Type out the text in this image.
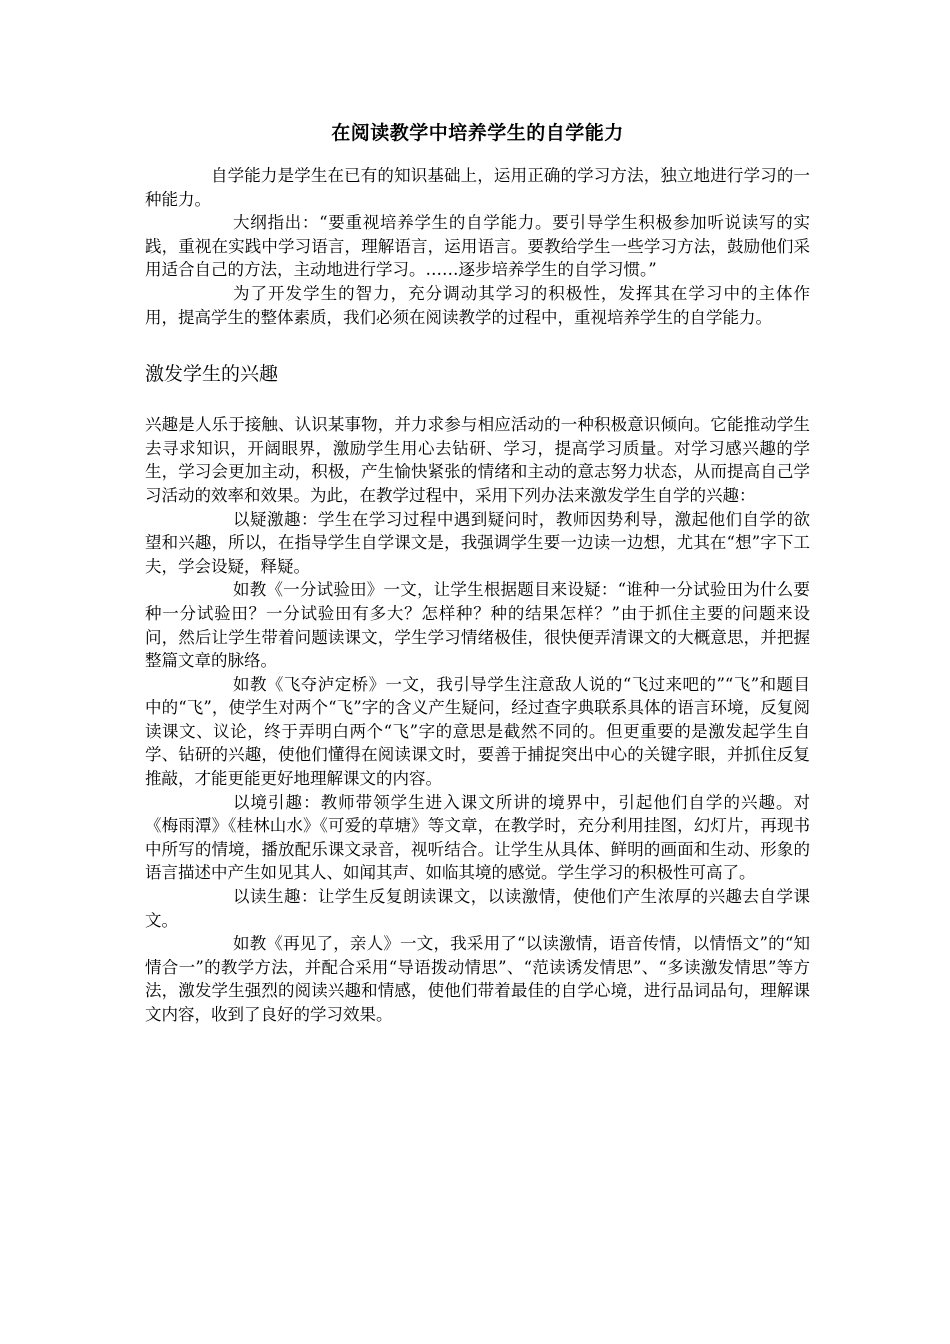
在阅读教学中培养学生的自学能力

自学能力是学生在已有的知识基础上，运用正确的学习方法，独立地进行学习的一种能力。

大纲指出：“要重视培养学生的自学能力。要引导学生积极参加听说读写的实践，重视在实践中学习语言，理解语言，运用语言。要教给学生一些学习方法，鼓励他们采用适合自己的方法，主动地进行学习。……逐步培养学生的自学习惯。”

为了开发学生的智力，充分调动其学习的积极性，发挥其在学习中的主体作用，提高学生的整体素质，我们必须在阅读教学的过程中，重视培养学生的自学能力。

激发学生的兴趣

兴趣是人乐于接触、认识某事物，并力求参与相应活动的一种积极意识倾向。它能推动学生去寻求知识，开阔眼界，激励学生用心去钻研、学习，提高学习质量。对学习感兴趣的学生，学习会更加主动，积极，产生愉快紧张的情绪和主动的意志努力状态，从而提高自己学习活动的效率和效果。为此，在教学过程中，采用下列办法来激发学生自学的兴趣：

以疑激趣：学生在学习过程中遇到疑问时，教师因势利导，激起他们自学的欲望和兴趣，所以，在指导学生自学课文是，我强调学生要一边读一边想，尤其在“想”字下工夫，学会设疑，释疑。

如教《一分试验田》一文，让学生根据题目来设疑：“谁种一分试验田为什么要种一分试验田？一分试验田有多大？怎样种？种的结果怎样？”由于抓住主要的问题来设问，然后让学生带着问题读课文，学生学习情绪极佳，很快便弄清课文的大概意思，并把握整篇文章的脉络。

如教《飞夺泸定桥》一文，我引导学生注意敌人说的“飞过来吧的”“飞”和题目中的“飞”，使学生对两个“飞”字的含义产生疑问，经过查字典联系具体的语言环境，反复阅读课文、议论，终于弄明白两个“飞”字的意思是截然不同的。但更重要的是激发起学生自学、钻研的兴趣，使他们懂得在阅读课文时，要善于捕捉突出中心的关键字眼，并抓住反复推敲，才能更能更好地理解课文的内容。

以境引趣：教师带领学生进入课文所讲的境界中，引起他们自学的兴趣。对《梅雨潭》《桂林山水》《可爱的草塘》等文章，在教学时，充分利用挂图，幻灯片，再现书中所写的情境，播放配乐课文录音，视听结合。让学生从具体、鲜明的画面和生动、形象的语言描述中产生如见其人、如闻其声、如临其境的感觉。学生学习的积极性可高了。

以读生趣：让学生反复朗读课文，以读激情，使他们产生浓厚的兴趣去自学课文。

如教《再见了，亲人》一文，我采用了“以读激情，语音传情，以情悟文”的“知情合一”的教学方法，并配合采用“导语拨动情思”、“范读诱发情思”、“多读激发情思”等方法，激发学生强烈的阅读兴趣和情感，使他们带着最佳的自学心境，进行品词品句，理解课文内容，收到了良好的学习效果。
